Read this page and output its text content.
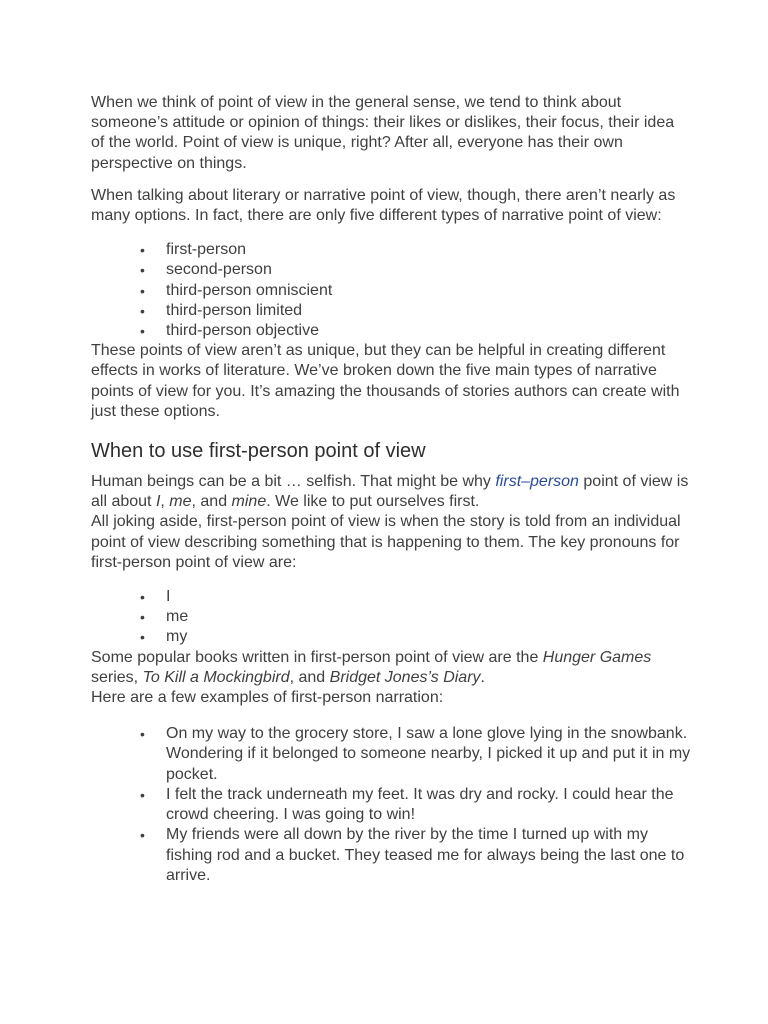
When we think of point of view in the general sense, we tend to think about someone’s attitude or opinion of things: their likes or dislikes, their focus, their idea of the world. Point of view is unique, right? After all, everyone has their own perspective on things.

When talking about literary or narrative point of view, though, there aren’t nearly as many options. In fact, there are only five different types of narrative point of view:

• first-person
• second-person
• third-person omniscient
• third-person limited
• third-person objective

These points of view aren’t as unique, but they can be helpful in creating different effects in works of literature. We’ve broken down the five main types of narrative points of view for you. It’s amazing the thousands of stories authors can create with just these options.

When to use first-person point of view

Human beings can be a bit … selfish. That might be why first–person point of view is all about I, me, and mine. We like to put ourselves first.

All joking aside, first-person point of view is when the story is told from an individual point of view describing something that is happening to them. The key pronouns for first-person point of view are:

• I
• me
• my

Some popular books written in first-person point of view are the Hunger Games series, To Kill a Mockingbird, and Bridget Jones’s Diary.

Here are a few examples of first-person narration:

• On my way to the grocery store, I saw a lone glove lying in the snowbank. Wondering if it belonged to someone nearby, I picked it up and put it in my pocket.
• I felt the track underneath my feet. It was dry and rocky. I could hear the crowd cheering. I was going to win!
• My friends were all down by the river by the time I turned up with my fishing rod and a bucket. They teased me for always being the last one to arrive.
